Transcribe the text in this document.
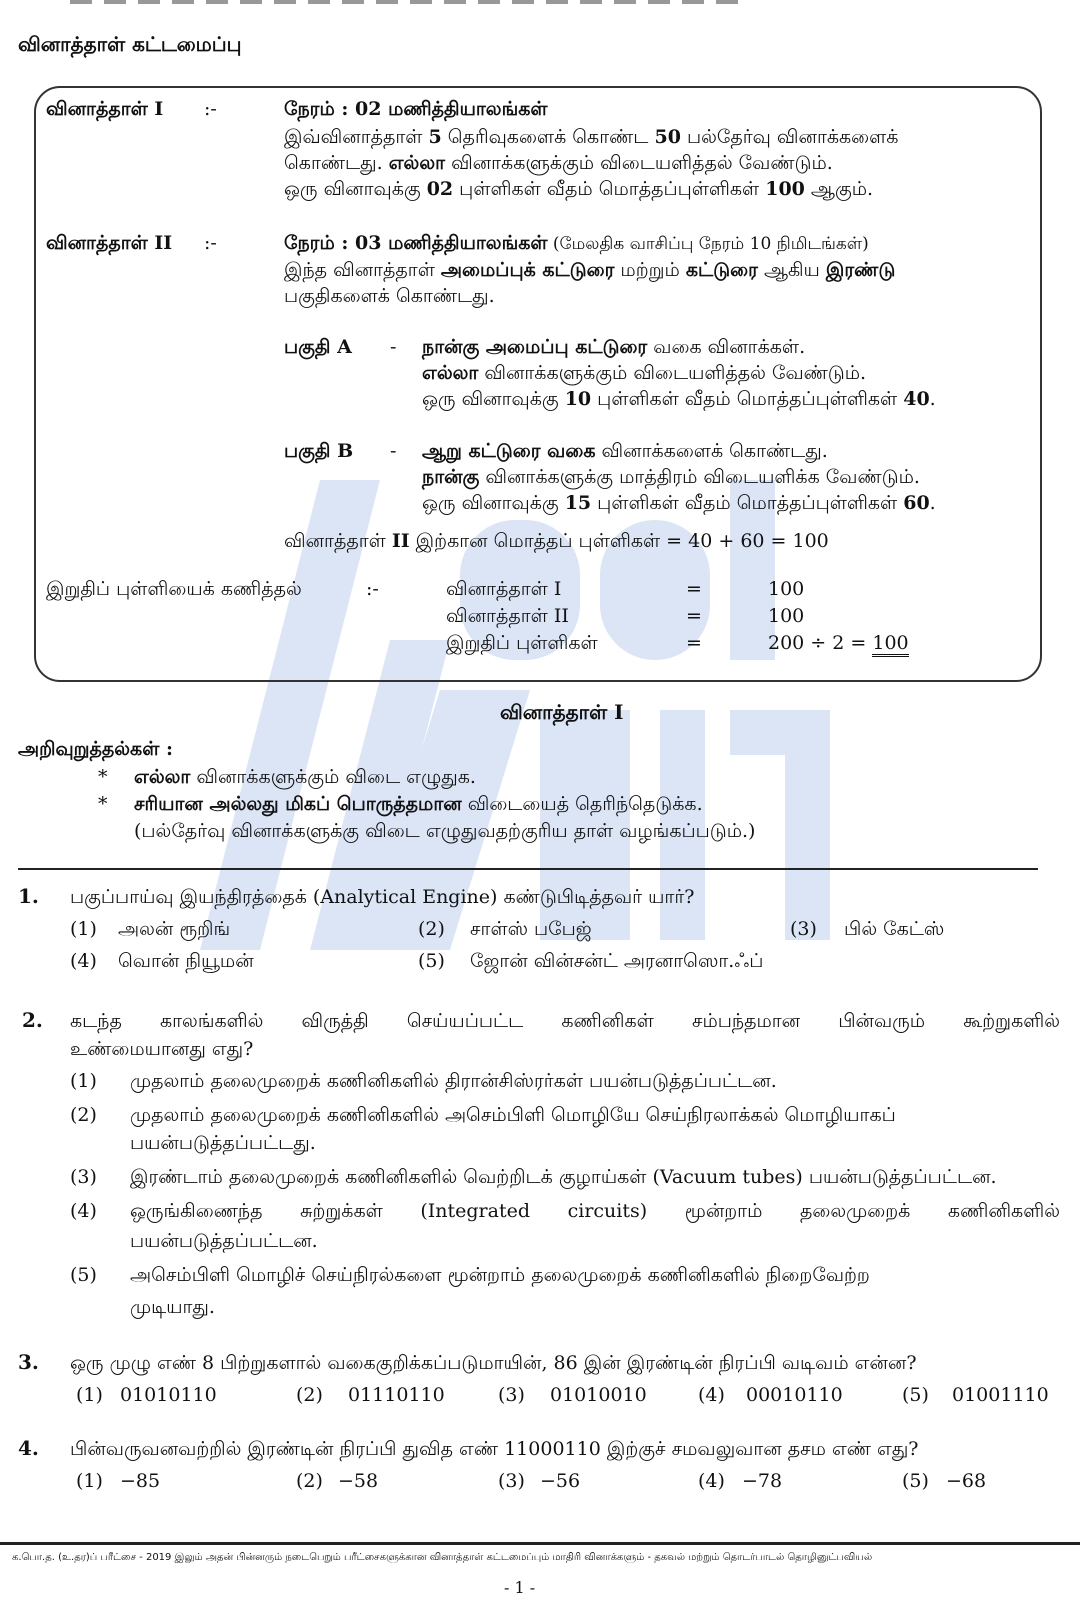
வினாத்தாள் கட்டமைப்பு
வினாத்தாள் I :-	நேரம் : 02 மணித்தியாலங்கள்
இவ்வினாத்தாள் 5 தெரிவுகளைக் கொண்ட 50 பல்தேர்வு வினாக்களைக்
கொண்டது. எல்லா வினாக்களுக்கும் விடையளித்தல் வேண்டும்.
ஒரு வினாவுக்கு 02 புள்ளிகள் வீதம் மொத்தப்புள்ளிகள் 100 ஆகும்.
வினாத்தாள் II :-	நேரம் : 03 மணித்தியாலங்கள் (மேலதிக வாசிப்பு நேரம் 10 நிமிடங்கள்)
இந்த வினாத்தாள் அமைப்புக் கட்டுரை மற்றும் கட்டுரை ஆகிய இரண்டு
பகுதிகளைக் கொண்டது.
பகுதி A - நான்கு அமைப்பு கட்டுரை வகை வினாக்கள்.
எல்லா வினாக்களுக்கும் விடையளித்தல் வேண்டும்.
ஒரு வினாவுக்கு 10 புள்ளிகள் வீதம் மொத்தப்புள்ளிகள் 40.
பகுதி B - ஆறு கட்டுரை வகை வினாக்களைக் கொண்டது.
நான்கு வினாக்களுக்கு மாத்திரம் விடையளிக்க வேண்டும்.
ஒரு வினாவுக்கு 15 புள்ளிகள் வீதம் மொத்தப்புள்ளிகள் 60.
வினாத்தாள் II இற்கான மொத்தப் புள்ளிகள் = 40 + 60 = 100
இறுதிப் புள்ளியைக் கணித்தல்	:-	வினாத்தாள் I	=	100
வினாத்தாள் II	=	100
இறுதிப் புள்ளிகள்	=	200 ÷ 2 = 100
வினாத்தாள் I
அறிவுறுத்தல்கள் :
* எல்லா வினாக்களுக்கும் விடை எழுதுக.
* சரியான அல்லது மிகப் பொருத்தமான விடையைத் தெரிந்தெடுக்க.
(பல்தேர்வு வினாக்களுக்கு விடை எழுதுவதற்குரிய தாள் வழங்கப்படும்.)
1. பகுப்பாய்வு இயந்திரத்தைக் (Analytical Engine) கண்டுபிடித்தவர் யார்?
(1) அலன் ரூறிங்	(2) சாள்ஸ் பபேஜ்	(3) பில் கேட்ஸ்
(4) வொன் நியூமன்	(5) ஜோன் வின்சன்ட் அரனாஸொ.ஃப்
2. கடந்த காலங்களில் விருத்தி செய்யப்பட்ட கணினிகள் சம்பந்தமான பின்வரும் கூற்றுகளில்
உண்மையானது எது?
(1) முதலாம் தலைமுறைக் கணினிகளில் திரான்சிஸ்ரர்கள் பயன்படுத்தப்பட்டன.
(2) முதலாம் தலைமுறைக் கணினிகளில் அசெம்பிளி மொழியே செய்நிரலாக்கல் மொழியாகப்
பயன்படுத்தப்பட்டது.
(3) இரண்டாம் தலைமுறைக் கணினிகளில் வெற்றிடக் குழாய்கள் (Vacuum tubes) பயன்படுத்தப்பட்டன.
(4) ஒருங்கிணைந்த சுற்றுக்கள் (Integrated circuits) மூன்றாம் தலைமுறைக் கணினிகளில்
பயன்படுத்தப்பட்டன.
(5) அசெம்பிளி மொழிச் செய்நிரல்களை மூன்றாம் தலைமுறைக் கணினிகளில் நிறைவேற்ற
முடியாது.
3. ஒரு முழு எண் 8 பிற்றுகளால் வகைகுறிக்கப்படுமாயின், 86 இன் இரண்டின் நிரப்பி வடிவம் என்ன?
(1) 01010110	(2) 01110110	(3) 01010010	(4) 00010110	(5) 01001110
4. பின்வருவனவற்றில் இரண்டின் நிரப்பி துவித எண் 11000110 இற்குச் சமவலுவான தசம எண் எது?
(1) −85	(2) −58	(3) −56	(4) −78	(5) −68
க.பொ.த. (உ.தர)ப் பரீட்சை - 2019 இலும் அதன் பின்னரும் நடைபெறும் பரீட்சைகளுக்கான வினாத்தாள் கட்டமைப்பும் மாதிரி வினாக்களும் - தகவல் மற்றும் தொடர்பாடல் தொழினுட்பவியல்
- 1 -
